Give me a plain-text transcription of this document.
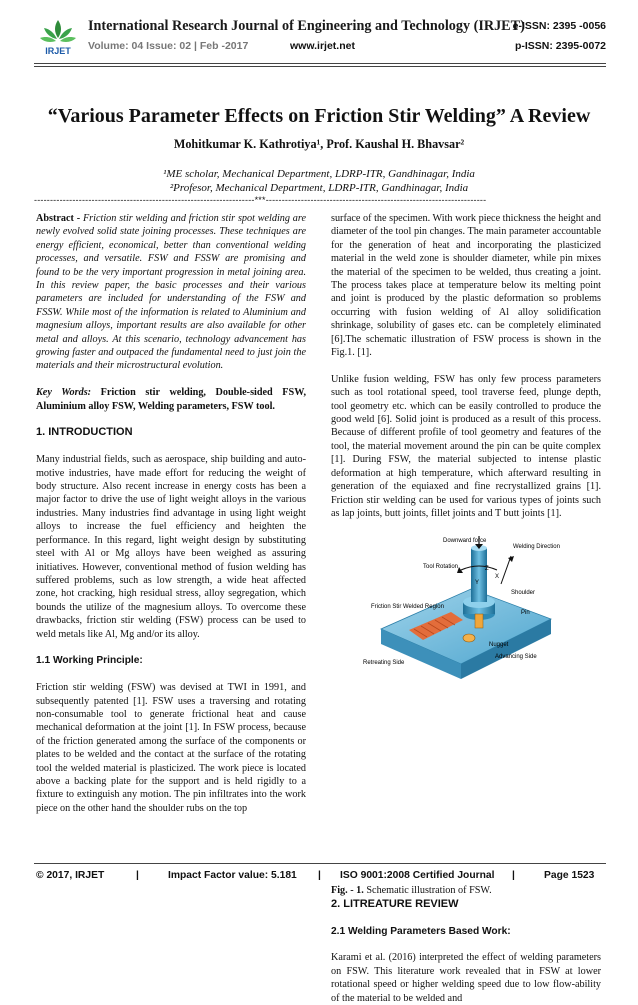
IRJET
International Research Journal of Engineering and Technology (IRJET)
e-ISSN: 2395 -0056
Volume: 04 Issue: 02 | Feb -2017	www.irjet.net	p-ISSN: 2395-0072
“Various Parameter Effects on Friction Stir Welding” A Review
Mohitkumar K. Kathrotiya¹, Prof. Kaushal H. Bhavsar²
¹ME scholar, Mechanical Department, LDRP-ITR, Gandhinagar, India
²Profesor, Mechanical Department, LDRP-ITR, Gandhinagar, India
---------------------------------------------------------------------***---------------------------------------------------------------------

Abstract - Friction stir welding and friction stir spot welding are newly evolved solid state joining processes. These techniques are energy efficient, economical, better than conventional welding processes, and versatile. FSW and FSSW are promising and found to be the very important progression in metal joining area. In this review paper, the basic processes and their various parameters are included for understanding of the FSW and FSSW. While most of the information is related to Aluminium and magnesium alloys, important results are also available for other metal and alloys. At this scenario, technology advancement has growing faster and outpaced the fundamental need to just join the materials and their microstructural evolution.

Key Words: Friction stir welding, Double-sided FSW, Aluminium alloy FSW, Welding parameters, FSW tool.

1. INTRODUCTION

Many industrial fields, such as aerospace, ship building and auto-motive industries, have made effort for reducing the weight of body structure. Also recent increase in energy costs has been a major factor to drive the use of light weight alloys in the various industries. Many industries find advantage in using light weight alloys to increase the fuel efficiency and heighten the performance. In this regard, light weight design by substituting steel with Al or Mg alloys have been weighed as assuring initiatives. However, conventional method of fusion welding has suffered problems, such as low strength, a wide heat affected zone, hot cracking, high residual stress, alloy segregation, which bounds the utilize of the magnesium alloys. To overcome these drawbacks, friction stir welding (FSW) process can be used to weld metals like Al, Mg and/or its alloy.

1.1 Working Principle:

Friction stir welding (FSW) was devised at TWI in 1991, and subsequently patented [1]. FSW uses a traversing and rotating non-consumable tool to generate frictional heat and cause mechanical deformation at the joint [1]. In FSW process, because of the friction generated among the surface of the components or plates to be welded and the contact at the surface of the rotating tool the welded material is plasticized. The work piece is located above a backing plate for the support and is held rigidly to a fixture to extinguish any motion. The pin infiltrates into the work piece on the other hand the shoulder rubs on the top

surface of the specimen. With work piece thickness the height and diameter of the tool pin changes. The main parameter accountable for the generation of heat and incorporating the plasticized material in the weld zone is shoulder diameter, while pin mixes the material of the specimen to be welded, thus creating a joint. The process takes place at temperature below its melting point and joint is produced by the plastic deformation so problems occurring with fusion welding of Al alloy solidification shrinkage, solubility of gases etc. can be completely eliminated [6].The schematic illustration of FSW process is shown in the Fig.1. [1].

Unlike fusion welding, FSW has only few process parameters such as tool rotational speed, tool traverse feed, plunge depth, tool geometry etc. which can be easily controlled to produce the good weld [6]. Solid joint is produced as a result of this process. Because of different profile of tool geometry and features of the tool, the material movement around the pin can be quite complex [1]. During FSW, the material subjected to intense plastic deformation at high temperature, which afterward resulting in generation of the equiaxed and fine recrystallized grains [1]. Friction stir welding can be used for various types of joints such as lap joints, butt joints, fillet joints and T butt joints [1].

Z
X
Y
Downward force
Welding Direction
Tool Rotation
Shoulder
Friction Stir Welded Region
Pin
Nugget
Retreating Side
Advancing Side

Fig. - 1. Schematic illustration of FSW.

2. LITREATURE REVIEW

2.1 Welding Parameters Based Work:

Karami et al. (2016) interpreted the effect of welding parameters on FSW. This literature work revealed that in FSW at lower rotational speed or higher welding speed due to low flow-ability of the material to be welded and

© 2017, IRJET	|	Impact Factor value: 5.181 | ISO 9001:2008 Certified Journal |	Page 1523
